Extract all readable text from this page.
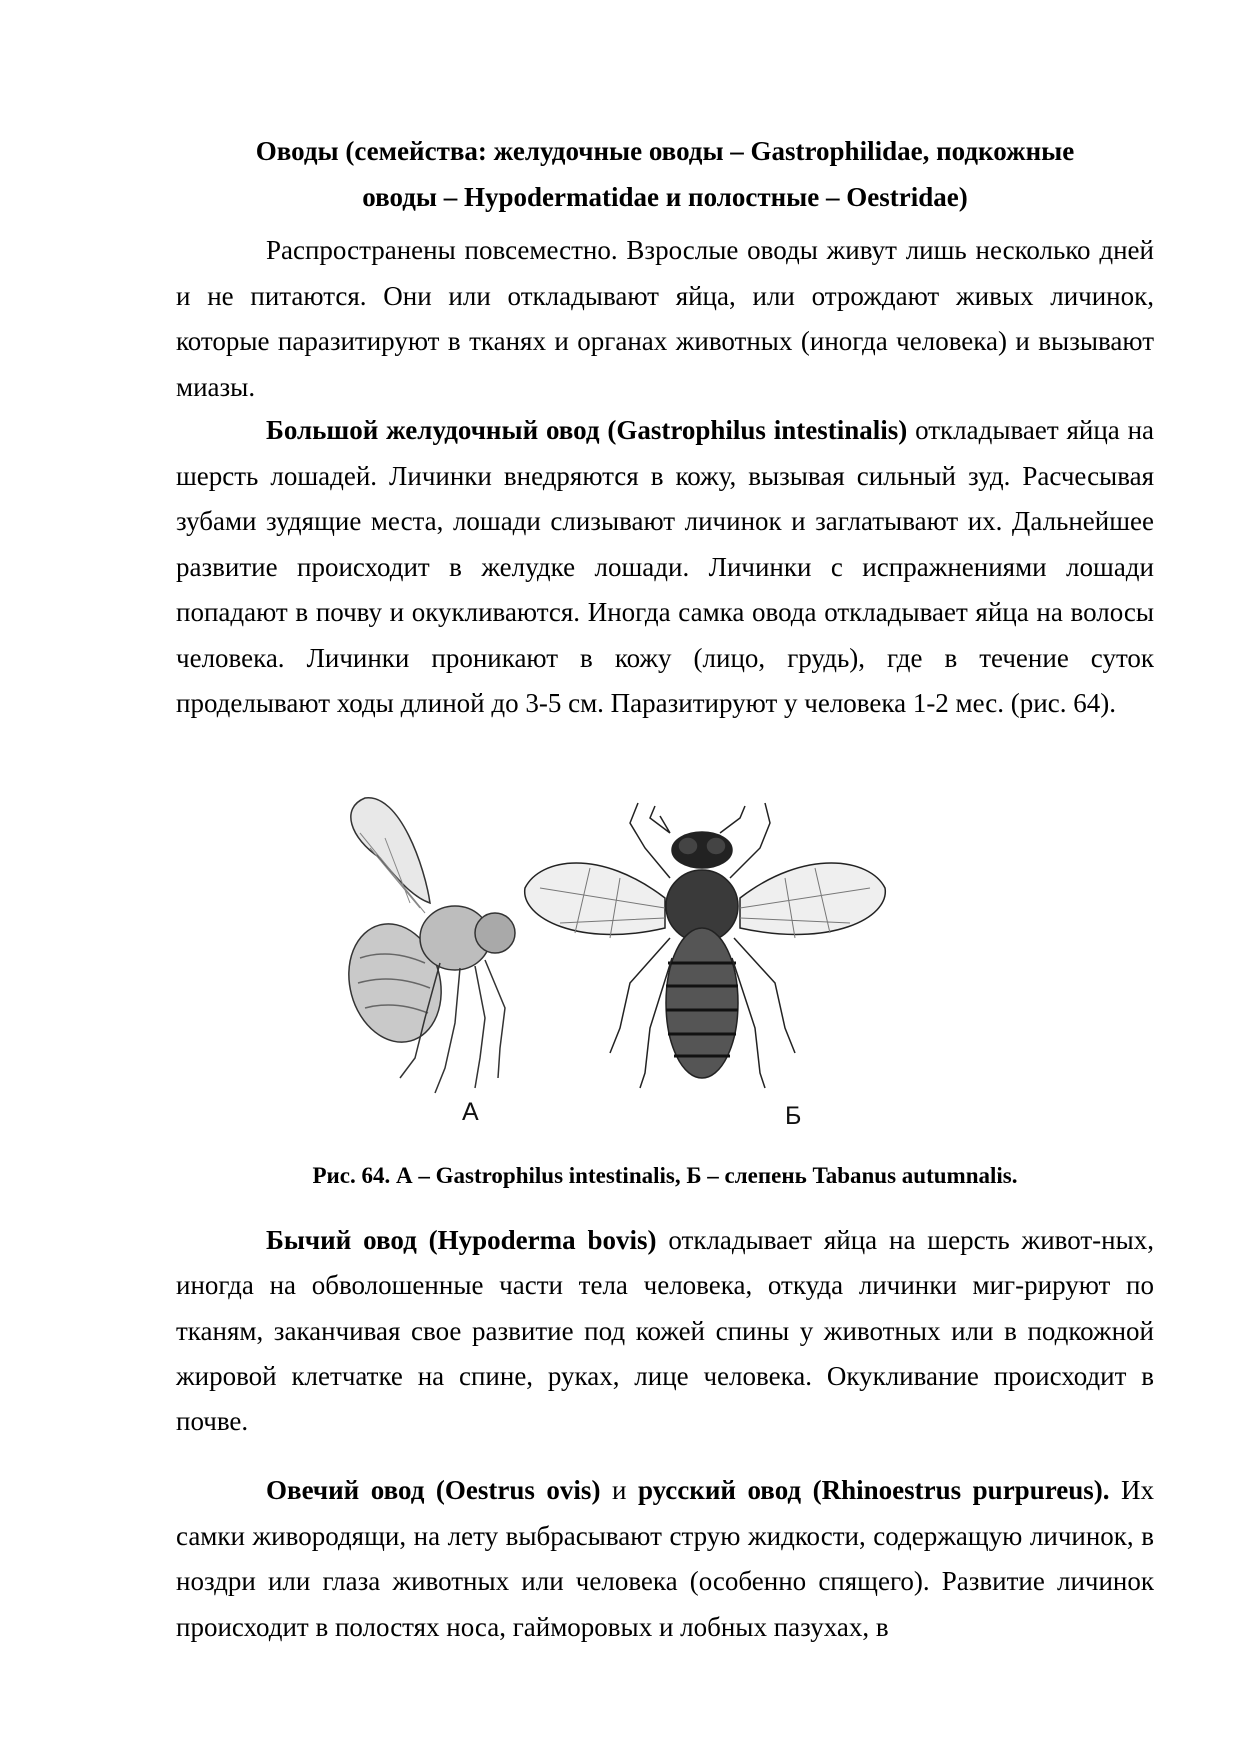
Оводы (семейства: желудочные оводы – Gastrophilidae, подкожные
оводы – Hypodermatidae и полостные – Oestridae)

Распространены повсеместно. Взрослые оводы живут лишь несколько дней и не питаются. Они или откладывают яйца, или отрождают живых личинок, которые паразитируют в тканях и органах животных (иногда человека) и вызывают миазы.

Большой желудочный овод (Gastrophilus intestinalis) откладывает яйца на шерсть лошадей. Личинки внедряются в кожу, вызывая сильный зуд. Расчесывая зубами зудящие места, лошади слизывают личинок и заглатывают их. Дальнейшее развитие происходит в желудке лошади. Личинки с испражнениями лошади попадают в почву и окукливаются. Иногда самка овода откладывает яйца на волосы человека. Личинки проникают в кожу (лицо, грудь), где в течение суток проделывают ходы длиной до 3-5 см. Паразитируют у человека 1-2 мес. (рис. 64).

А	Б
Рис. 64. А – Gastrophilus intestinalis, Б – слепень Tabanus autumnalis.

Бычий овод (Hypoderma bovis) откладывает яйца на шерсть живот-ных, иногда на обволошенные части тела человека, откуда личинки миг-рируют по тканям, заканчивая свое развитие под кожей спины у животных или в подкожной жировой клетчатке на спине, руках, лице человека. Окукливание происходит в почве.

Овечий овод (Oestrus ovis) и русский овод (Rhinoestrus purpureus). Их самки живородящи, на лету выбрасывают струю жидкости, содержащую личинок, в ноздри или глаза животных или человека (особенно спящего). Развитие личинок происходит в полостях носа, гайморовых и лобных пазухах, в
